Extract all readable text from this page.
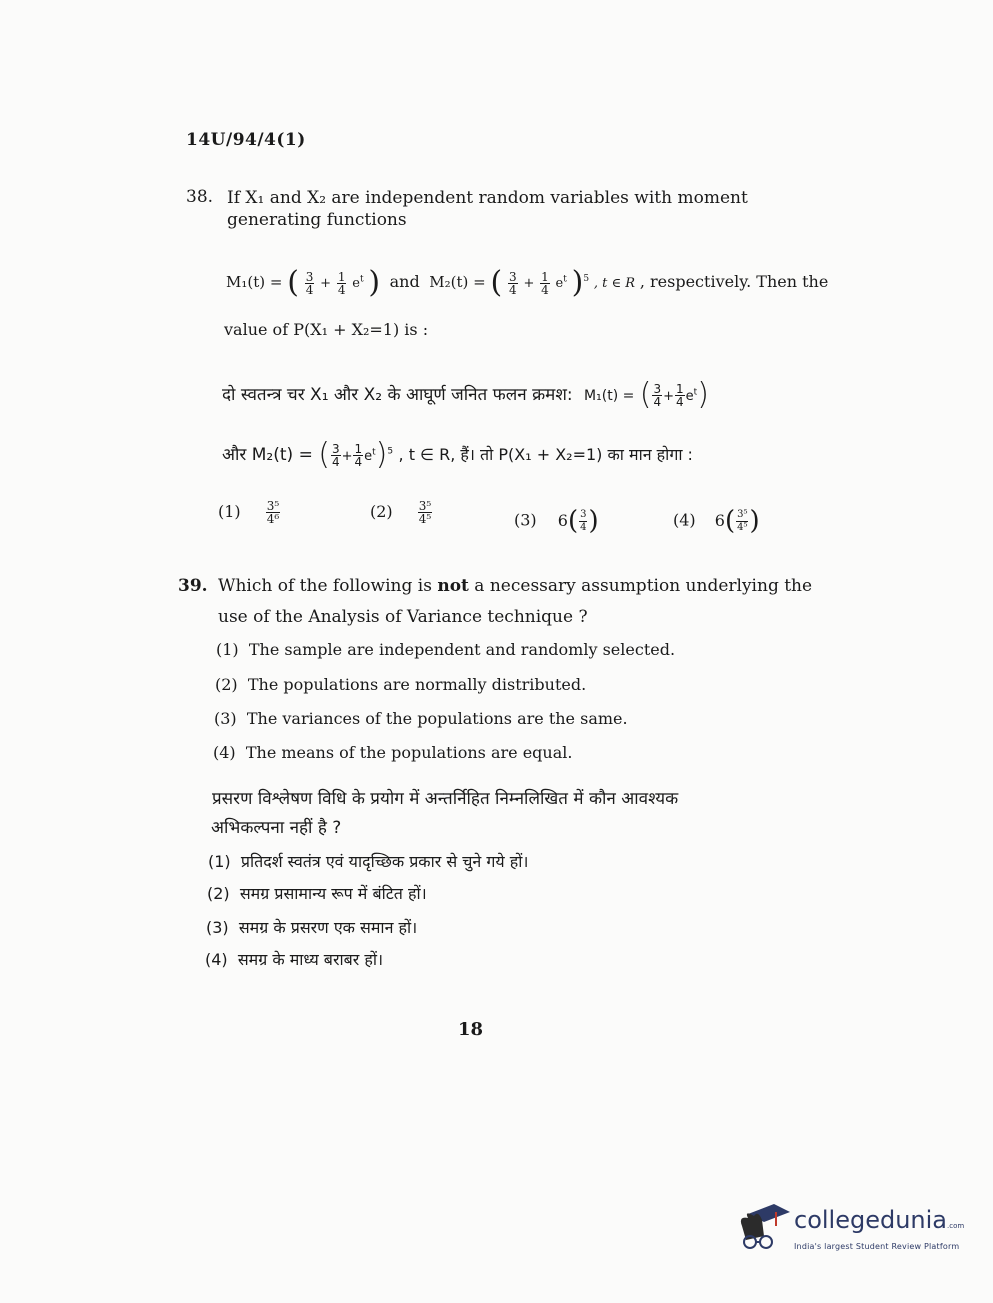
14U/94/4(1)
38. If X₁ and X₂ are independent random variables with moment
generating functions
M₁(t) = ( $\frac{3}{4} + \frac{1}{4} e^t$ ) and M₂(t) = ( $\frac{3}{4} + \frac{1}{4} e^t$ )$^5$ , t ∈ R , respectively. Then the
value of P(X₁ + X₂=1) is :
दो स्वतन्त्र चर X₁ और X₂ के आघूर्ण जनित फलन क्रमश: M₁(t) = ( $\frac{3}{4} + \frac{1}{4} e^t$)
और M₂(t) = ( $\frac{3}{4} + \frac{1}{4} e^t)^5$ , t ∈ R, हैं। तो P(X₁ + X₂=1) का मान होगा :
$(1) \frac{\text{3⁵}}{\text{4⁶}}$	$(2) \frac{\text{3⁵}}{\text{4⁵}}$	(3) $6( \frac{3}{4}$ )	(4) $6( \frac{\text{3⁵}}{\text{4⁵}}$ )
39. Which of the following is not a necessary assumption underlying the
use of the Analysis of Variance technique ?
(1) The sample are independent and randomly selected.
(2) The populations are normally distributed.
(3) The variances of the populations are the same.
(4) The means of the populations are equal.
प्रसरण विश्लेषण विधि के प्रयोग में अन्तर्निहित निम्नलिखित में कौन आवश्यक
अभिकल्पना नहीं है ?
(1) प्रतिदर्श स्वतंत्र एवं यादृच्छिक प्रकार से चुने गये हों।
(2) समग्र प्रसामान्य रूप में बंटित हों।
(3) समग्र के प्रसरण एक समान हों।
(4) समग्र के माध्य बराबर हों।
18
collegedunia.com
India's largest Student Review Platform
